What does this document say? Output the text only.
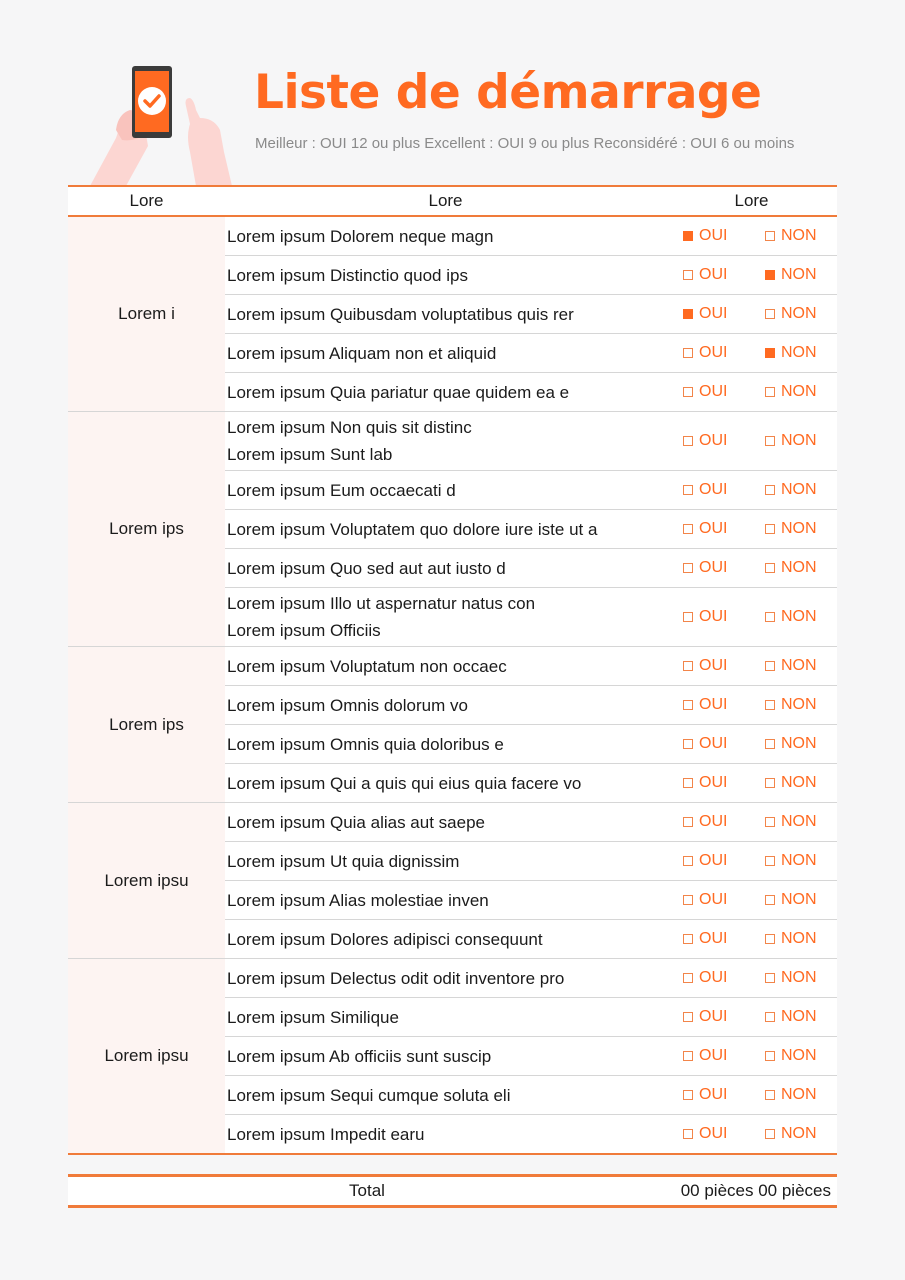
Liste de démarrage
Meilleur : OUI 12 ou plus Excellent : OUI 9 ou plus Reconsidéré : OUI 6 ou moins
Lore	Lore	Lore
Lorem i
Lorem ipsum Dolorem neque magn	OUI	NON
Lorem ipsum Distinctio quod ips	OUI	NON
Lorem ipsum Quibusdam voluptatibus quis rer	OUI	NON
Lorem ipsum Aliquam non et aliquid	OUI	NON
Lorem ipsum Quia pariatur quae quidem ea e	OUI	NON
Lorem ips
Lorem ipsum Non quis sit distinc
Lorem ipsum Sunt lab
OUI	NON
Lorem ipsum Eum occaecati d	OUI	NON
Lorem ipsum Voluptatem quo dolore iure iste ut a	OUI	NON
Lorem ipsum Quo sed aut aut iusto d	OUI	NON
Lorem ipsum Illo ut aspernatur natus con
Lorem ipsum Officiis
OUI	NON
Lorem ips
Lorem ipsum Voluptatum non occaec	OUI	NON
Lorem ipsum Omnis dolorum vo	OUI	NON
Lorem ipsum Omnis quia doloribus e	OUI	NON
Lorem ipsum Qui a quis qui eius quia facere vo	OUI	NON
Lorem ipsu
Lorem ipsum Quia alias aut saepe	OUI	NON
Lorem ipsum Ut quia dignissim	OUI	NON
Lorem ipsum Alias molestiae inven	OUI	NON
Lorem ipsum Dolores adipisci consequunt	OUI	NON
Lorem ipsu
Lorem ipsum Delectus odit odit inventore pro	OUI	NON
Lorem ipsum Similique	OUI	NON
Lorem ipsum Ab officiis sunt suscip	OUI	NON
Lorem ipsum Sequi cumque soluta eli	OUI	NON
Lorem ipsum Impedit earu	OUI	NON
Total	00 pièces 00 pièces
